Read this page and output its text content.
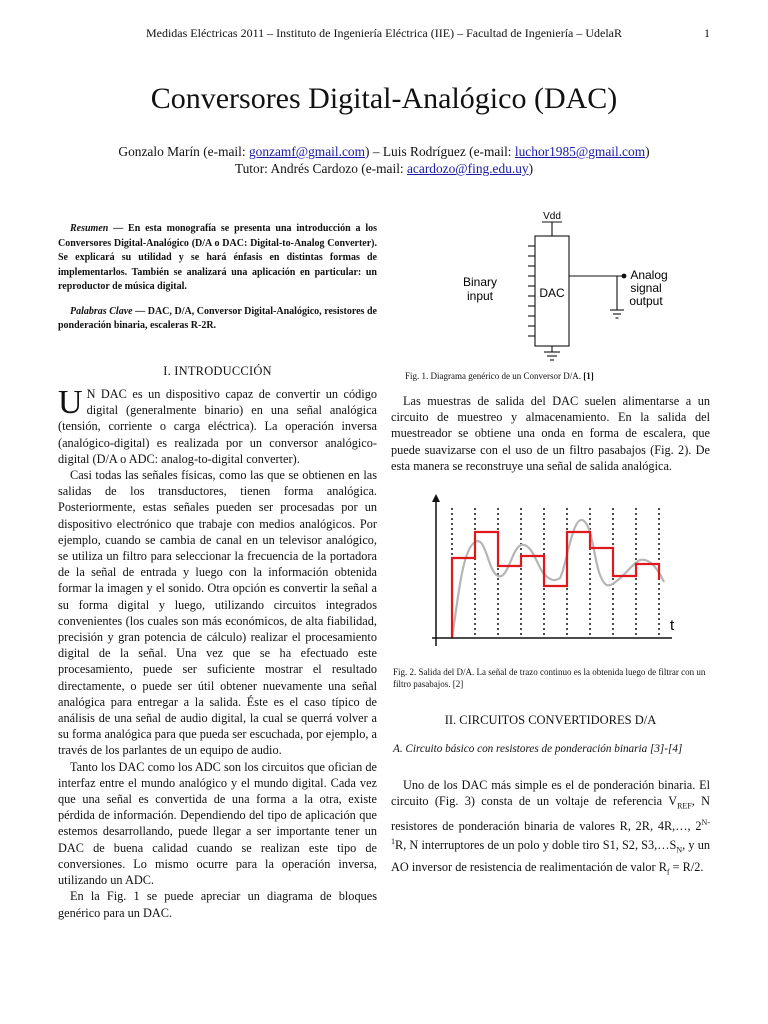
Medidas Eléctricas 2011 – Instituto de Ingeniería Eléctrica (IIE) – Facultad de Ingeniería – UdelaR	1
Conversores Digital-Analógico (DAC)
Gonzalo Marín (e-mail: gonzamf@gmail.com) – Luis Rodríguez (e-mail: luchor1985@gmail.com)
Tutor: Andrés Cardozo (e-mail: acardozo@fing.edu.uy)

Resumen — En esta monografía se presenta una introducción a los Conversores Digital-Analógico (D/A o DAC: Digital-to-Analog Converter). Se explicará su utilidad y se hará énfasis en distintas formas de implementarlos. También se analizará una aplicación en particular: un reproductor de música digital.

Palabras Clave — DAC, D/A, Conversor Digital-Analógico, resistores de ponderación binaria, escaleras R-2R.

I. INTRODUCCIÓN

U N DAC es un dispositivo capaz de convertir un código digital (generalmente binario) en una señal analógica (tensión, corriente o carga eléctrica). La operación inversa (analógico-digital) es realizada por un conversor analógico-digital (D/A o ADC: analog-to-digital converter).

Casi todas las señales físicas, como las que se obtienen en las salidas de los transductores, tienen forma analógica. Posteriormente, estas señales pueden ser procesadas por un dispositivo electrónico que trabaje con medios analógicos. Por ejemplo, cuando se cambia de canal en un televisor analógico, se utiliza un filtro para seleccionar la frecuencia de la portadora de la señal de entrada y luego con la información obtenida formar la imagen y el sonido. Otra opción es convertir la señal a su forma digital y luego, utilizando circuitos integrados convenientes (los cuales son más económicos, de alta fiabilidad, precisión y gran potencia de cálculo) realizar el procesamiento digital de la señal. Una vez que se ha efectuado este procesamiento, puede ser suficiente mostrar el resultado directamente, o puede ser útil obtener nuevamente una señal analógica para entregar a la salida. Éste es el caso típico de análisis de una señal de audio digital, la cual se querrá volver a su forma analógica para que pueda ser escuchada, por ejemplo, a través de los parlantes de un equipo de audio.

Tanto los DAC como los ADC son los circuitos que ofician de interfaz entre el mundo analógico y el mundo digital. Cada vez que una señal es convertida de una forma a la otra, existe pérdida de información. Dependiendo del tipo de aplicación que estemos desarrollando, puede llegar a ser importante tener un DAC de buena calidad cuando se realizan este tipo de conversiones. Lo mismo ocurre para la operación inversa, utilizando un ADC.

En la Fig. 1 se puede apreciar un diagrama de bloques genérico para un DAC.

Vdd
Binary
input	DAC
Analog
signal
output
Fig. 1. Diagrama genérico de un Conversor D/A. [1]

Las muestras de salida del DAC suelen alimentarse a un circuito de muestreo y almacenamiento. En la salida del muestreador se obtiene una onda en forma de escalera, que puede suavizarse con el uso de un filtro pasabajos (Fig. 2). De esta manera se reconstruye una señal de salida analógica.

t
Fig. 2. Salida del D/A. La señal de trazo continuo es la obtenida luego de filtrar con un filtro pasabajos. [2]
II. CIRCUITOS CONVERTIDORES D/A
A. Circuito básico con resistores de ponderación binaria [3]-[4]

Uno de los DAC más simple es el de ponderación binaria. El circuito (Fig. 3) consta de un voltaje de referencia $V_{REF}$, N resistores de ponderación binaria de valores R, 2R, 4R,…, $2^{N-1}R$, N interruptores de un polo y doble tiro S1, S2, $S3,\dots S_N$, y un AO inversor de resistencia de realimentación de valor $R_f = R/2$.
